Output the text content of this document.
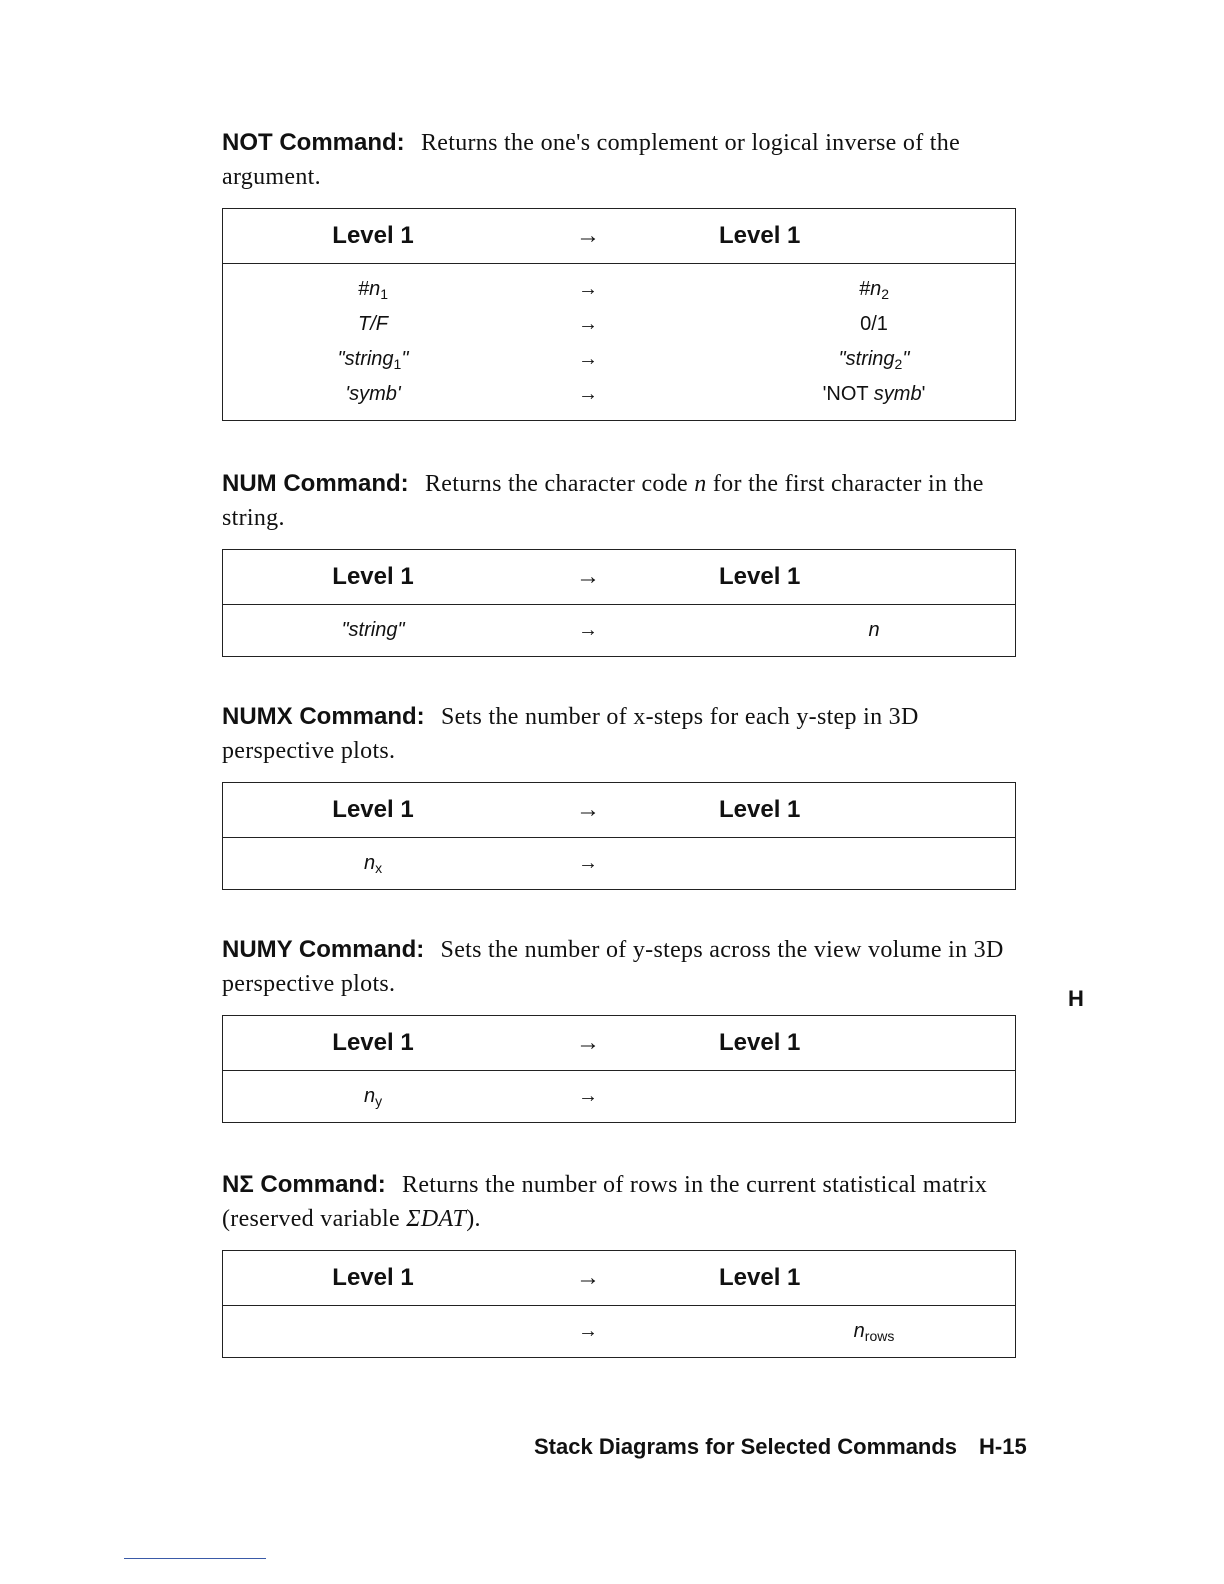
NOT Command: Returns the one's complement or logical inverse of the argument.
Level 1	→	Level 1
$\#n_1$	→	$\#n_2$
T/F	→	0/1
"string$_1$"	→	"string$_2$"
'symb'	→	'NOT symb'
NUM Command: Returns the character code n for the first character in the string.
Level 1	→	Level 1
"string"	→	n
NUMX Command: Sets the number of x-steps for each y-step in 3D perspective plots.
Level 1	→	Level 1
$n_x$	→	
NUMY Command: Sets the number of y-steps across the view volume in 3D perspective plots.
Level 1	→	Level 1
$n_y$	→	
NΣ Command: Returns the number of rows in the current statistical matrix (reserved variable ΣDAT).
Level 1	→	Level 1
	→	$n_{rows}$
H
Stack Diagrams for Selected Commands H-15
